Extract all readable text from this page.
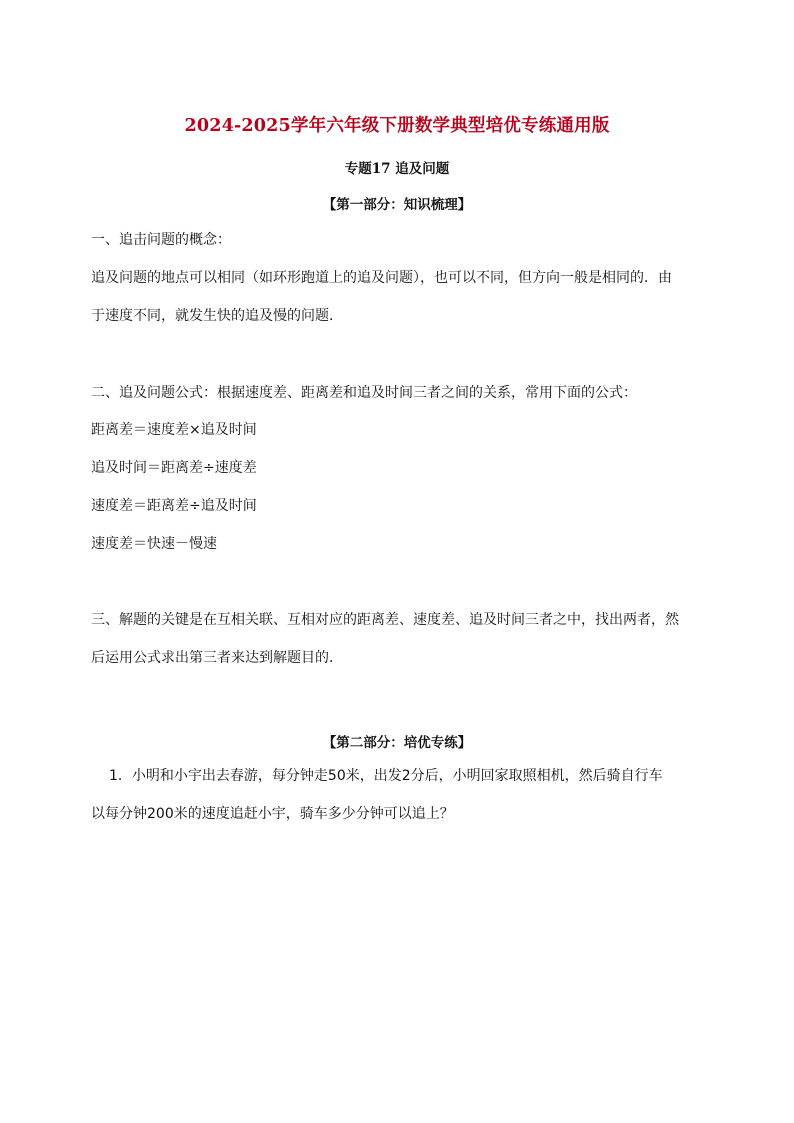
2024-2025学年六年级下册数学典型培优专练通用版
专题17 追及问题
【第一部分：知识梳理】
一、追击问题的概念：
追及问题的地点可以相同（如环形跑道上的追及问题），也可以不同，但方向一般是相同的．由
于速度不同，就发生快的追及慢的问题．
二、追及问题公式：根据速度差、距离差和追及时间三者之间的关系，常用下面的公式：
距离差＝速度差×追及时间
追及时间＝距离差÷速度差
速度差＝距离差÷追及时间
速度差＝快速－慢速
三、解题的关键是在互相关联、互相对应的距离差、速度差、追及时间三者之中，找出两者，然
后运用公式求出第三者来达到解题目的．
【第二部分：培优专练】
1．小明和小宇出去春游，每分钟走50米，出发2分后，小明回家取照相机，然后骑自行车
以每分钟200米的速度追赶小宇，骑车多少分钟可以追上？
